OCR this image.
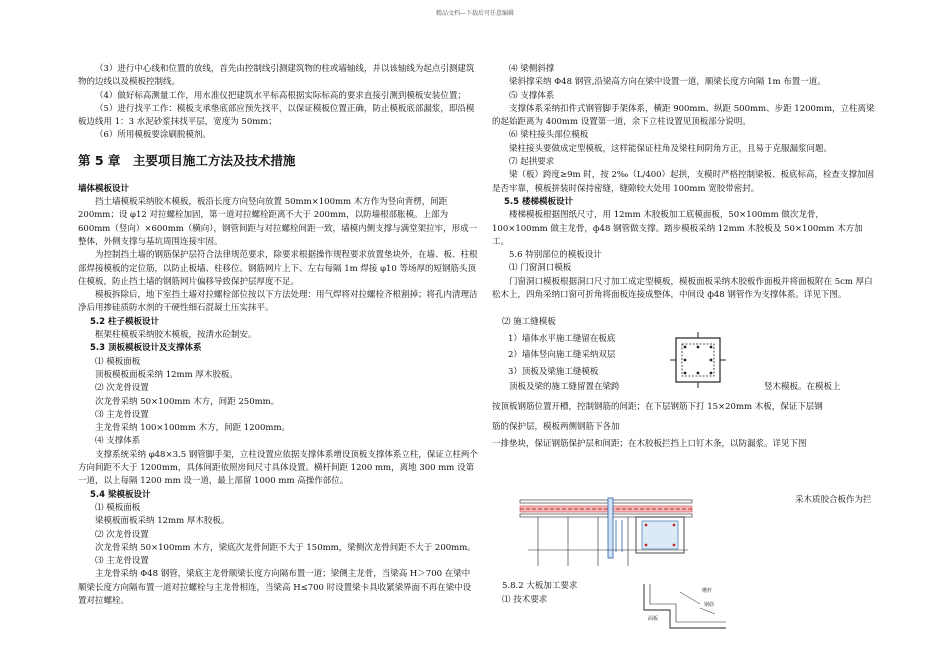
精品文档---下载后可任意编辑

（3）进行中心线和位置的放线，首先由控制线引测建筑物的柱或墙轴线，并以该轴线为起点引测建筑物的边线以及模板控制线。

（4）做好标高测量工作，用水准仪把建筑水平标高根据实际标高的要求直接引测到模板安装位置；

（5）进行找平工作：模板支承垫底部应预先找平，以保证模板位置正确，防止模板底部漏浆，即沿模板边线用 1：3 水泥砂浆抹找平层，宽度为 50mm；

（6）所用模板要涂刷脱模剂。

第 5 章　主要项目施工方法及技术措施

墙体模板设计

挡土墙模板采纳胶木模板，板沿长度方向竖向放置 50mm×100mm 木方作为竖向背楞，间距 200mm；设 φ12 对拉螺栓加固，第一道对拉螺栓距离不大于 200mm，以防墙根部胀模。上部为 600mm（竖向）×600mm（横向），钢管间距与对拉螺栓间距一致，墙模内侧支撑与满堂架拉牢，形成一整体，外侧支撑与基坑周围连接牢固。

为控制挡土墙的钢筋保护层符合法律规范要求，除要求根据操作规程要求放置垫块外，在墙、板、柱根部焊接模板的定位筋，以防止板墙、柱移位。钢筋网片上下、左右每隔 1m 焊接 φ10 等场厚的短钢筋头顶住模板，防止挡土墙的钢筋网片偏移导致保护层厚度不足。

模板拆除后，地下室挡土墙对拉螺栓部位按以下方法处理：用气焊将对拉螺栓齐根割掉；将孔内清理洁净后用掺硅质防水剂的干硬性细石混凝土压实抹平。

5.2 柱子模板设计

框架柱模板采纳胶木模板，按清水砼制安。

5.3 顶板模板设计及支撑体系

⑴ 模板面板

顶板模板面板采纳 12mm 厚木胶板。

⑵ 次龙骨设置

次龙骨采纳 50×100mm 木方，间距 250mm。

⑶ 主龙骨设置

主龙骨采纳 100×100mm 木方，间距 1200mm。

⑷ 支撑体系

支撑系统采纳 φ48×3.5 钢管脚手架，立柱设置应依据支撑体系增设顶板支撑体系立柱，保证立柱两个方向间距不大于 1200mm，具体间距依照房间尺寸具体设置。横杆间距 1200 mm，离地 300 mm 设第一道，以上每隔 1200 mm 设一道，最上部留 1000 mm 高操作部位。

5.4 梁模板设计

⑴ 模板面板

梁模板面板采纳 12mm 厚木胶板。

⑵ 次龙骨设置

次龙骨采纳 50×100mm 木方，梁底次龙骨间距不大于 150mm，梁侧次龙骨间距不大于 200mm。

⑶ 主龙骨设置

主龙骨采纳 Φ48 钢管，梁底主龙骨顺梁长度方向隔布置一道；梁侧主龙骨，当梁高 H＞700 在梁中顺梁长度方向隔布置一道对拉螺栓与主龙骨相连，当梁高 H≤700 时设置梁卡具收紧梁界面不再在梁中设置对拉螺栓。

⑷ 梁侧斜撑

梁斜撑采纳 Φ48 钢管,沿梁高方向在梁中设置一道，顺梁长度方向隔 1m 布置一道。

⑸ 支撑体系

支撑体系采纳扣件式钢管脚手架体系，横距 900mm、纵距 500mm、步距 1200mm，立柱离梁的起始距离为 400mm 设置第一道，余下立柱设置见顶板部分说明。

⑹ 梁柱接头部位模板

梁柱接头要做成定型模板，这样能保证柱角及梁柱间阴角方正，且易于克服漏浆问题。

⑺ 起拱要求

梁（板）跨度≥9m 时，按 2‰（L/400）起拱，支模时严格控制梁板、板底标高，检查支撑加固是否牢靠，模板拼装时保持密缝，缝隙较大处用 100mm 宽胶带密封。

5.5 楼梯模板设计

楼梯模板根据图纸尺寸，用 12mm 木胶板加工底模面板，50×100mm 做次龙骨，100×100mm 做主龙骨，ф48 钢管做支撑。踏步模板采纳 12mm 木胶板及 50×100mm 木方加工。

5.6 特别部位的模板设计

⑴ 门窗洞口模板

门窗洞口模板根据洞口尺寸加工成定型模板，模板面板采纳木胶板作面板并将面板附在 5cm 厚白松木上，四角采纳口窗可折角将面板连接成整体，中间设 ф48 钢管作为支撑体系。详见下图。

⑵ 施工缝模板

1）墙体水平施工缝留在板底

2）墙体竖向施工缝采纳双层

3）顶板及梁施工缝模板

顶板及梁的施工缝留置在梁跨	竖木模板。在模板上
按顶板钢筋位置开槽，控制钢筋的间距；在下层钢筋下打 15×20mm 木板，保证下层钢
筋的保护层，模板两侧钢筋下各加
一排垫块，保证钢筋保护层和间距；在木胶板拦挡上口钉木条，以防漏浆。详见下图
采木质胶合板作为拦
槽杆
钢筋
面板
5.8.2 大板加工要求
⑴ 技术要求
